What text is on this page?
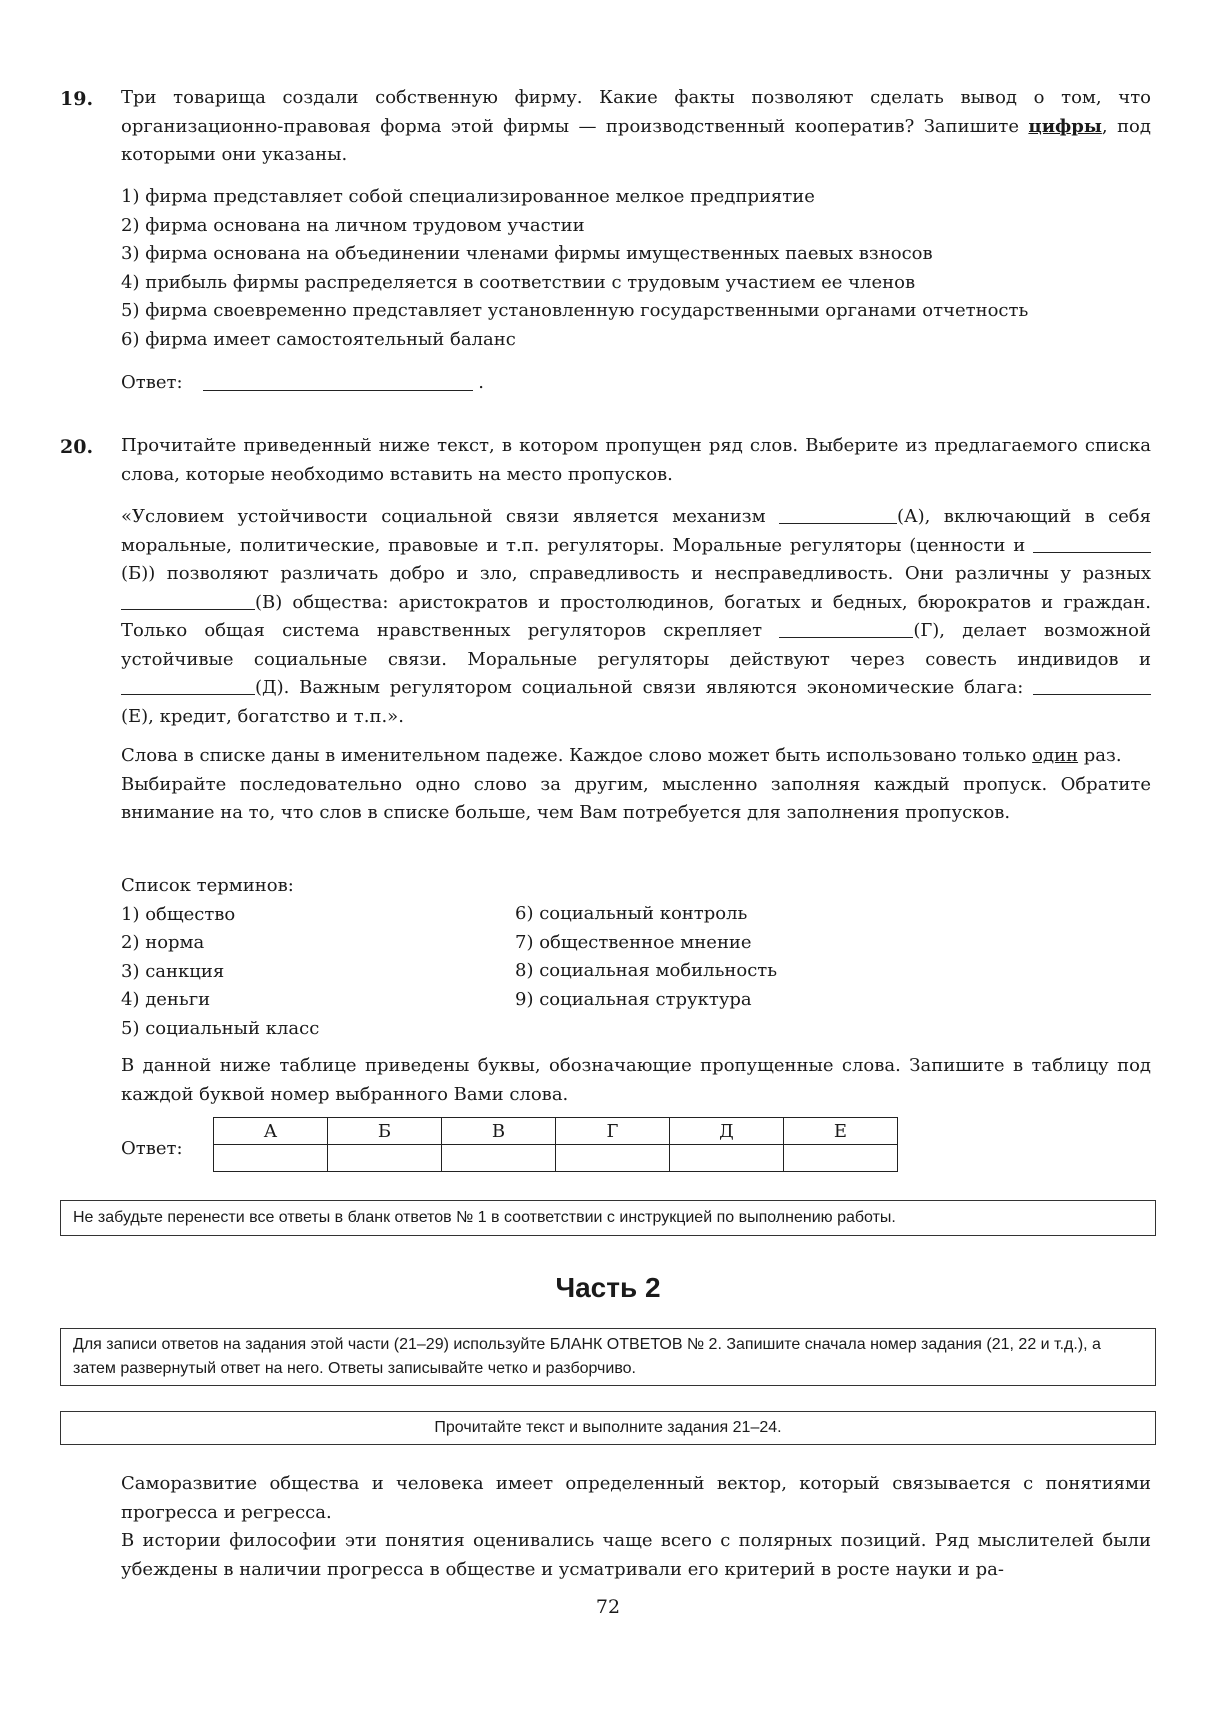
19. Три товарища создали собственную фирму. Какие факты позволяют сделать вывод о том, что организационно-правовая форма этой фирмы — производственный кооператив? Запишите цифры, под которыми они указаны.
1) фирма представляет собой специализированное мелкое предприятие
2) фирма основана на личном трудовом участии
3) фирма основана на объединении членами фирмы имущественных паевых взносов
4) прибыль фирмы распределяется в соответствии с трудовым участием ее членов
5) фирма своевременно представляет установленную государственными органами отчетность
6) фирма имеет самостоятельный баланс
Ответ:	.
20. Прочитайте приведенный ниже текст, в котором пропущен ряд слов. Выберите из предлагаемого списка слова, которые необходимо вставить на место пропусков.
«Условием устойчивости социальной связи является механизм	(А), включающий в себя моральные, политические, правовые и т.п. регуляторы. Моральные регуляторы (ценности и (Б)) позволяют различать добро и зло, справедливость и несправедливость. Они различны у разных (В) общества: аристократов и простолюдинов, богатых и бедных, бюрократов и граждан. Только общая система нравственных регуляторов скрепляет	(Г), делает возможной устойчивые социальные связи. Моральные регуляторы действуют через совесть индивидов и (Д). Важным регулятором социальной связи являются экономические блага: (Е), кредит, богатство и т.п.».
Слова в списке даны в именительном падеже. Каждое слово может быть использовано только один раз.
Выбирайте последовательно одно слово за другим, мысленно заполняя каждый пропуск. Обратите внимание на то, что слов в списке больше, чем Вам потребуется для заполнения пропусков.
Список терминов:
1) общество
2) норма
3) санкция
4) деньги
5) социальный класс
6) социальный контроль
7) общественное мнение
8) социальная мобильность
9) социальная структура
В данной ниже таблице приведены буквы, обозначающие пропущенные слова. Запишите в таблицу под каждой буквой номер выбранного Вами слова.
Ответ:
А	Б	В	Г	Д	Е

Не забудьте перенести все ответы в бланк ответов № 1 в соответствии с инструкцией по выполнению работы.
Часть 2
Для записи ответов на задания этой части (21–29) используйте БЛАНК ОТВЕТОВ № 2. Запишите сначала номер задания (21, 22 и т.д.), а затем развернутый ответ на него. Ответы записывайте четко и разборчиво.
Прочитайте текст и выполните задания 21–24.
Саморазвитие общества и человека имеет определенный вектор, который связывается с понятиями прогресса и регресса.
В истории философии эти понятия оценивались чаще всего с полярных позиций. Ряд мыслителей были убеждены в наличии прогресса в обществе и усматривали его критерий в росте науки и ра-
72
